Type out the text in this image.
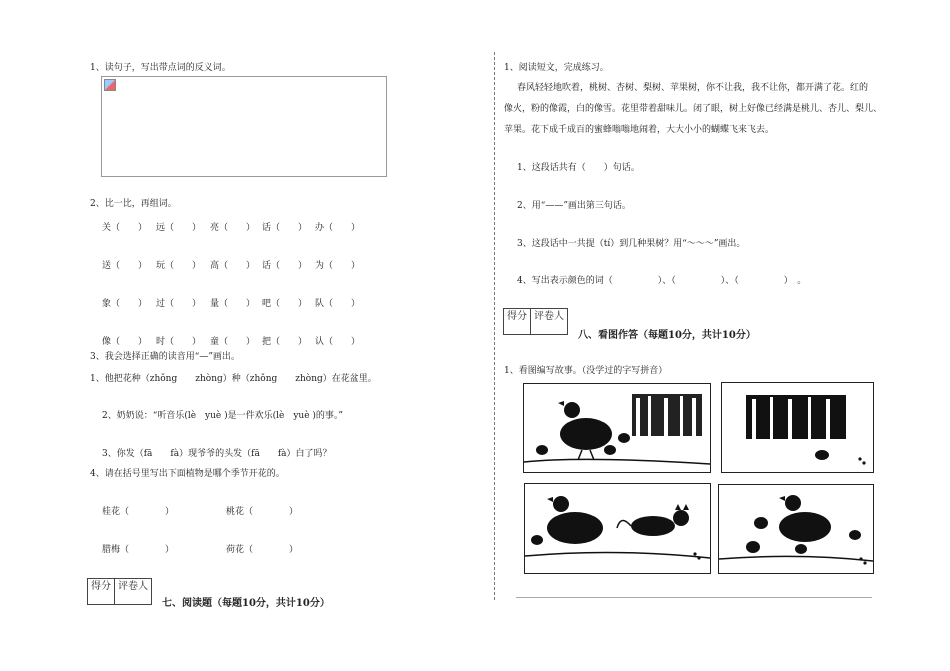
1、读句子，写出带点词的反义词。
2、比一比，再组词。
关（　　） 远（　　） 亮（　　） 话（　　） 办（　　）
送（　　） 玩（　　） 高（　　） 话（　　） 为（　　）
象（　　） 过（　　） 量（　　） 吧（　　） 队（　　）
像（　　） 时（　　） 童（　　） 把（　　） 认（　　）
3、我会选择正确的读音用“—”画出。
1、他把花种（zhǒng　　zhòng）种（zhǒng　　zhòng）在花盆里。
2、奶奶说：“听音乐(lè　yuè )是一件欢乐(lè　yuè )的事。”
3、你发（fā　　fà）现爷爷的头发（fā　　fà）白了吗？
4、请在括号里写出下面植物是哪个季节开花的。
桂花（　　　　）	桃花（　　　　）
腊梅（　　　　）	荷花（　　　　）
得分 评卷人
七、阅读题（每题10分，共计10分）
1、阅读短文，完成练习。
春风轻轻地吹着，桃树、杏树、梨树、苹果树，你不让我，我不让你，都开满了花。红的
像火，粉的像霞，白的像雪。花里带着甜味儿。闭了眼，树上好像已经满是桃儿、杏儿、梨儿、
苹果。花下成千成百的蜜蜂嗡嗡地闹着，大大小小的蝴蝶飞来飞去。
1、这段话共有（　　）句话。
2、用“——”画出第三句话。
3、这段话中一共提（tí）到几种果树？用“～～～”画出。
4、写出表示颜色的词（　　　　　）、（　　　　　）、（　　　　　）　。
得分 评卷人
八、看图作答（每题10分，共计10分）
1、看图编写故事。（没学过的字写拼音）
